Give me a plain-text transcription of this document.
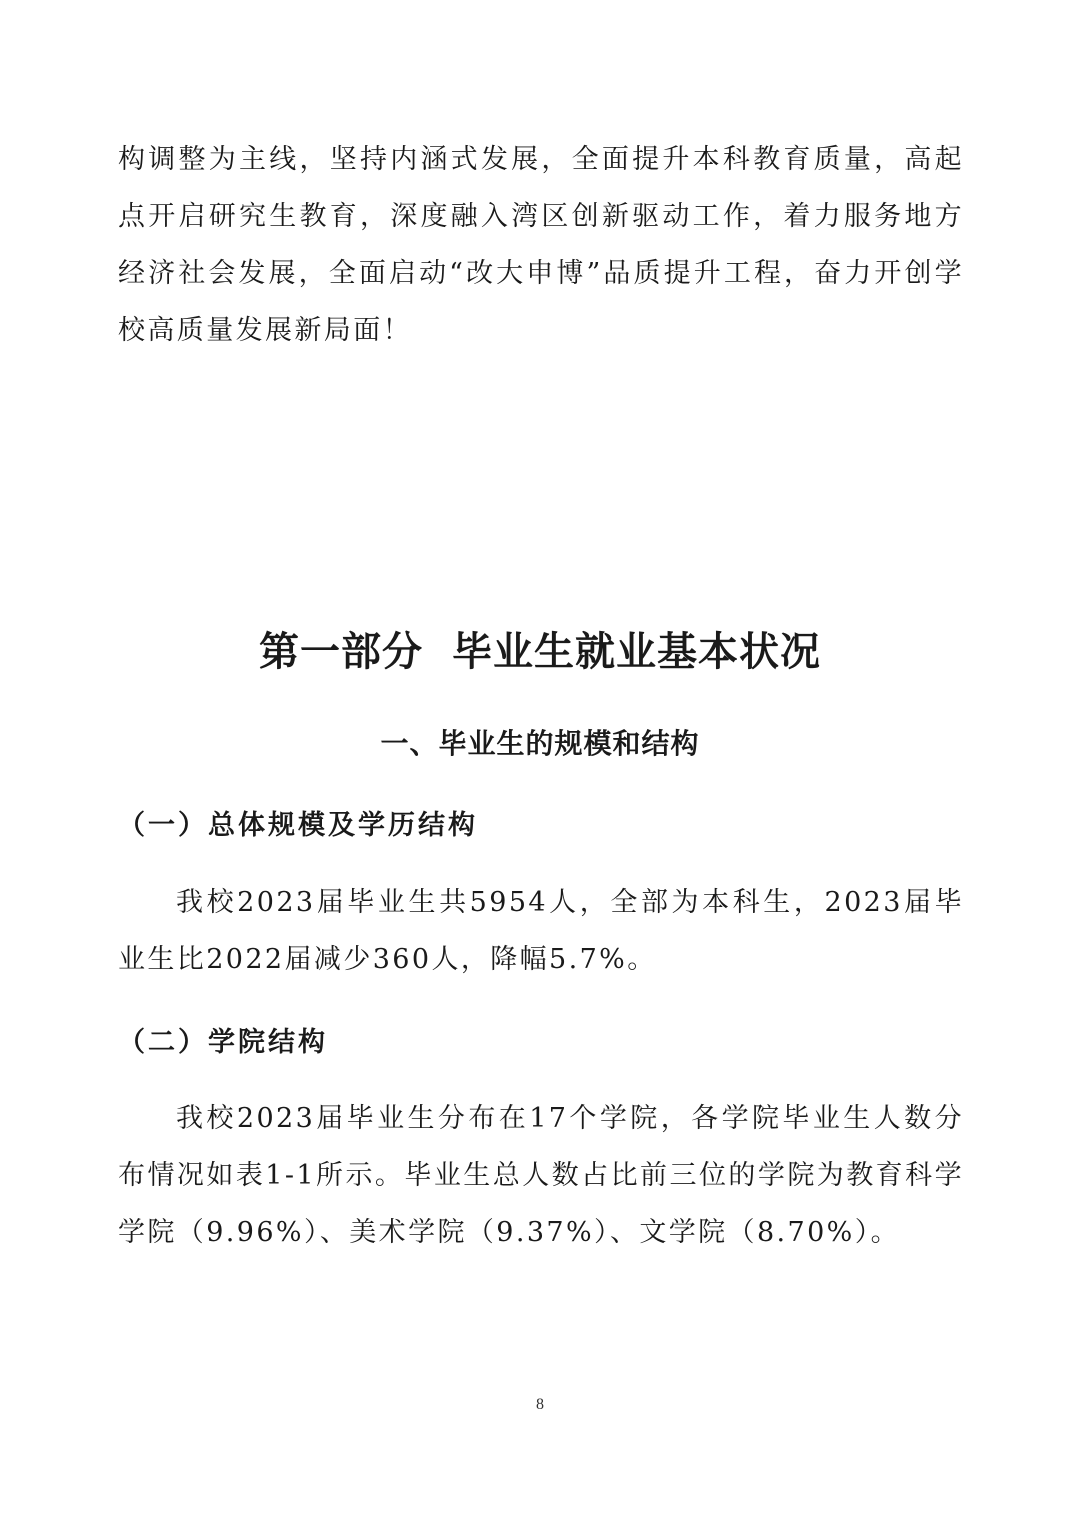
构调整为主线，坚持内涵式发展，全面提升本科教育质量，高起点开启研究生教育，深度融入湾区创新驱动工作，着力服务地方经济社会发展，全面启动“改大申博”品质提升工程，奋力开创学校高质量发展新局面！

第一部分 毕业生就业基本状况
一、毕业生的规模和结构
（一）总体规模及学历结构

我校2023届毕业生共5954人，全部为本科生，2023届毕业生比2022届减少360人，降幅5.7%。

（二）学院结构

我校2023届毕业生分布在17个学院，各学院毕业生人数分布情况如表1-1所示。毕业生总人数占比前三位的学院为教育科学学院（9.96%）、美术学院（9.37%）、文学院（8.70%）。

8
